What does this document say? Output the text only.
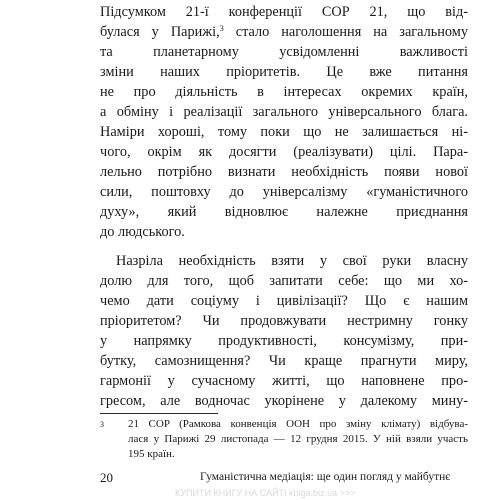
Підсумком 21-ї конференції СОР 21, що від-
булася у Парижі,$^3$ стало наголошення на загальному
та планетарному усвідомленні важливості
зміни наших пріоритетів. Це вже питання
не про діяльність в інтересах окремих країн,
а обміну і реалізації загального універсального блага.
Наміри хороші, тому поки що не залишається ні-
чого, окрім як досягти (реалізувати) цілі. Пара-
лельно потрібно визнати необхідність появи нової
сили, поштовху до універсалізму «гуманістичного
духу», який відновлює належне приєднання
до людського.
Назріла необхідність взяти у свої руки власну
долю для того, щоб запитати себе: що ми хо-
чемо дати соціуму і цивілізації? Що є нашим
пріоритетом? Чи продовжувати нестримну гонку
у напрямку продуктивності, консумізму, при-
бутку, самознищення? Чи краще прагнути миру,
гармонії у сучасному житті, що наповнене про-
гресом, але водночас укорінене у далекому мину-
3 21 COP (Рамкова конвенція ООН про зміну клімату) відбува-
лася у Парижі 29 листопада — 12 грудня 2015. У ній взяли участь
195 країн.
20	Гуманістична медіація: ще один погляд у майбутнє
КУПИТИ КНИГУ НА САЙТІ kniga.biz.ua >>>
